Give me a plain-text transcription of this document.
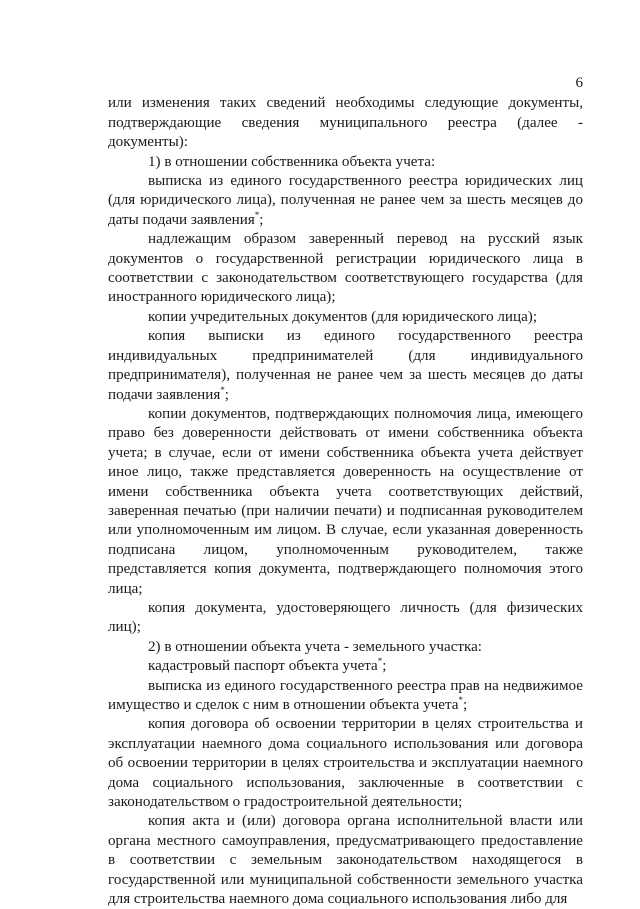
6

или изменения таких сведений необходимы следующие документы, подтверждающие сведения муниципального реестра (далее - документы):

1) в отношении собственника объекта учета:

выписка из единого государственного реестра юридических лиц (для юридического лица), полученная не ранее чем за шесть месяцев до даты подачи заявления*;

надлежащим образом заверенный перевод на русский язык документов о государственной регистрации юридического лица в соответствии с законодательством соответствующего государства (для иностранного юридического лица);

копии учредительных документов (для юридического лица);

копия выписки из единого государственного реестра индивидуальных предпринимателей (для индивидуального предпринимателя), полученная не ранее чем за шесть месяцев до даты подачи заявления*;

копии документов, подтверждающих полномочия лица, имеющего право без доверенности действовать от имени собственника объекта учета; в случае, если от имени собственника объекта учета действует иное лицо, также представляется доверенность на осуществление от имени собственника объекта учета соответствующих действий, заверенная печатью (при наличии печати) и подписанная руководителем или уполномоченным им лицом. В случае, если указанная доверенность подписана лицом, уполномоченным руководителем, также представляется копия документа, подтверждающего полномочия этого лица;

копия документа, удостоверяющего личность (для физических лиц);

2) в отношении объекта учета - земельного участка:

кадастровый паспорт объекта учета*;

выписка из единого государственного реестра прав на недвижимое имущество и сделок с ним в отношении объекта учета*;

копия договора об освоении территории в целях строительства и эксплуатации наемного дома социального использования или договора об освоении территории в целях строительства и эксплуатации наемного дома социального использования, заключенные в соответствии с законодательством о градостроительной деятельности;

копия акта и (или) договора органа исполнительной власти или органа местного самоуправления, предусматривающего предоставление в соответствии с земельным законодательством находящегося в государственной или муниципальной собственности земельного участка для строительства наемного дома социального использования либо для
